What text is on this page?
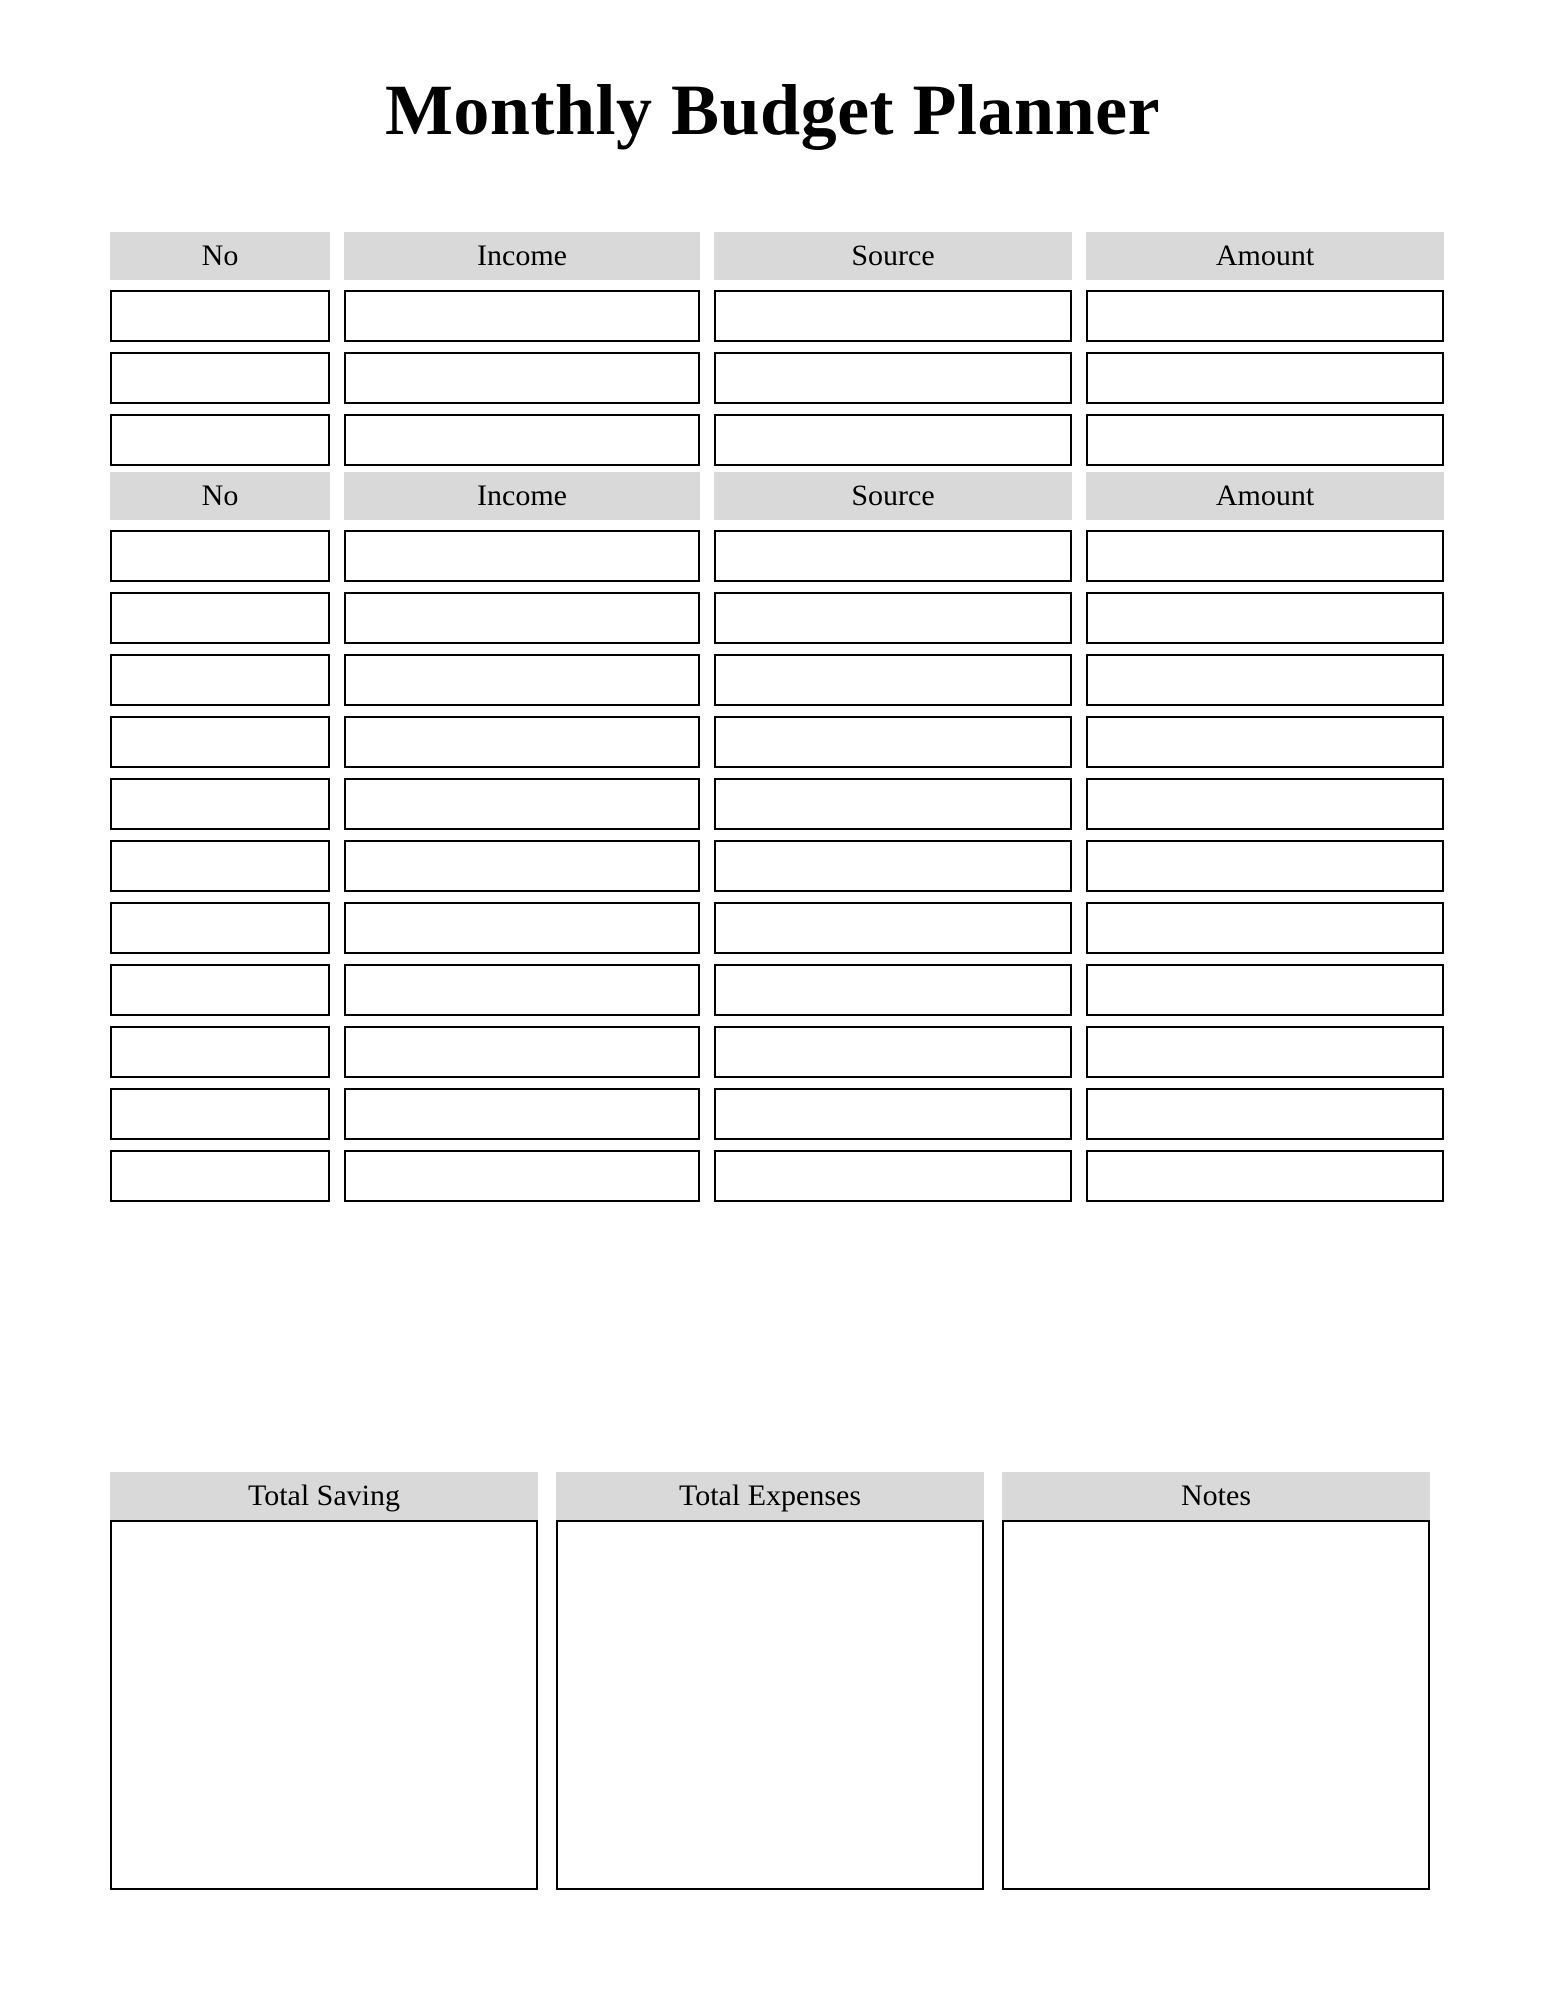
Monthly Budget Planner
No	Income	Source	Amount
No	Income	Source	Amount
Total Saving	Total Expenses	Notes
